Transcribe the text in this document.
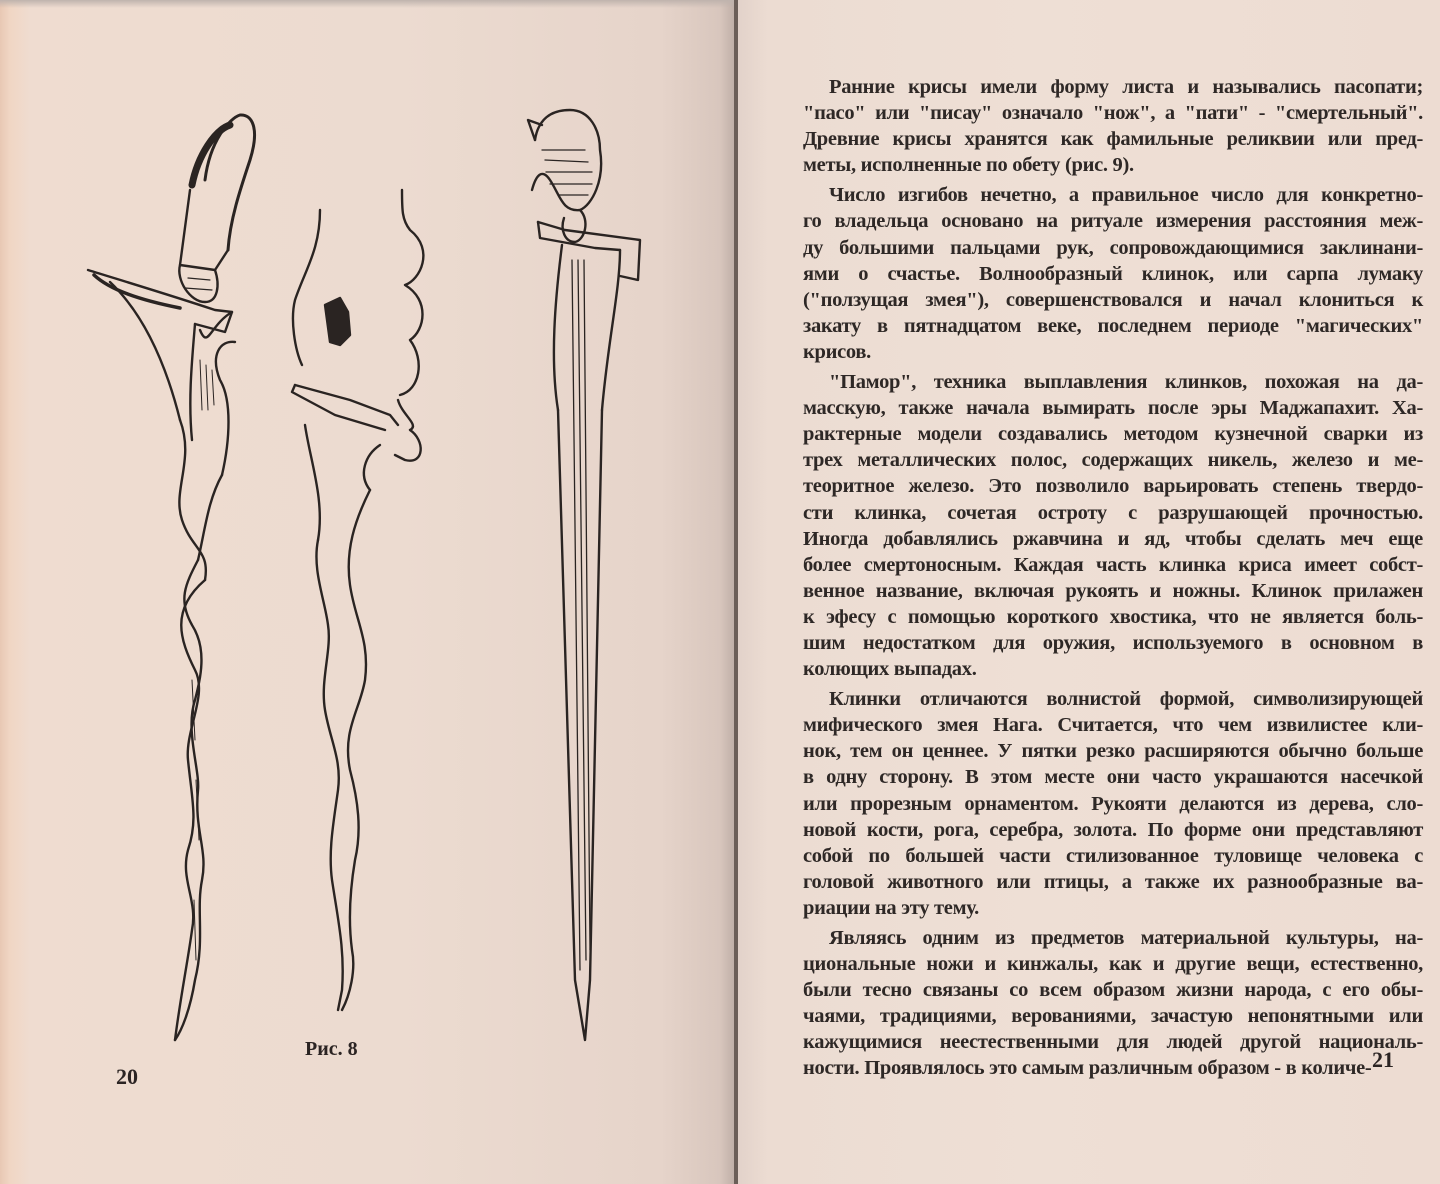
Рис. 8
20
21
Ранние крисы имели форму листа и назывались пасопати;
"пасо" или "писау" означало "нож", а "пати" - "смертельный".
Древние крисы хранятся как фамильные реликвии или пред-
меты, исполненные по обету (рис. 9).
Число изгибов нечетно, а правильное число для конкретно-
го владельца основано на ритуале измерения расстояния меж-
ду большими пальцами рук, сопровождающимися заклинани-
ями о счастье. Волнообразный клинок, или сарпа лумаку
("ползущая змея"), совершенствовался и начал клониться к
закату в пятнадцатом веке, последнем периоде "магических"
крисов.
"Памор", техника выплавления клинков, похожая на да-
масскую, также начала вымирать после эры Маджапахит. Ха-
рактерные модели создавались методом кузнечной сварки из
трех металлических полос, содержащих никель, железо и ме-
теоритное железо. Это позволило варьировать степень твердо-
сти клинка, сочетая остроту с разрушающей прочностью.
Иногда добавлялись ржавчина и яд, чтобы сделать меч еще
более смертоносным. Каждая часть клинка криса имеет собст-
венное название, включая рукоять и ножны. Клинок прилажен
к эфесу с помощью короткого хвостика, что не является боль-
шим недостатком для оружия, используемого в основном в
колющих выпадах.
Клинки отличаются волнистой формой, символизирующей
мифического змея Нага. Считается, что чем извилистее кли-
нок, тем он ценнее. У пятки резко расширяются обычно больше
в одну сторону. В этом месте они часто украшаются насечкой
или прорезным орнаментом. Рукояти делаются из дерева, сло-
новой кости, рога, серебра, золота. По форме они представляют
собой по большей части стилизованное туловище человека с
головой животного или птицы, а также их разнообразные ва-
риации на эту тему.
Являясь одним из предметов материальной культуры, на-
циональные ножи и кинжалы, как и другие вещи, естественно,
были тесно связаны со всем образом жизни народа, с его обы-
чаями, традициями, верованиями, зачастую непонятными или
кажущимися неестественными для людей другой националь-
ности. Проявлялось это самым различным образом - в количе-
